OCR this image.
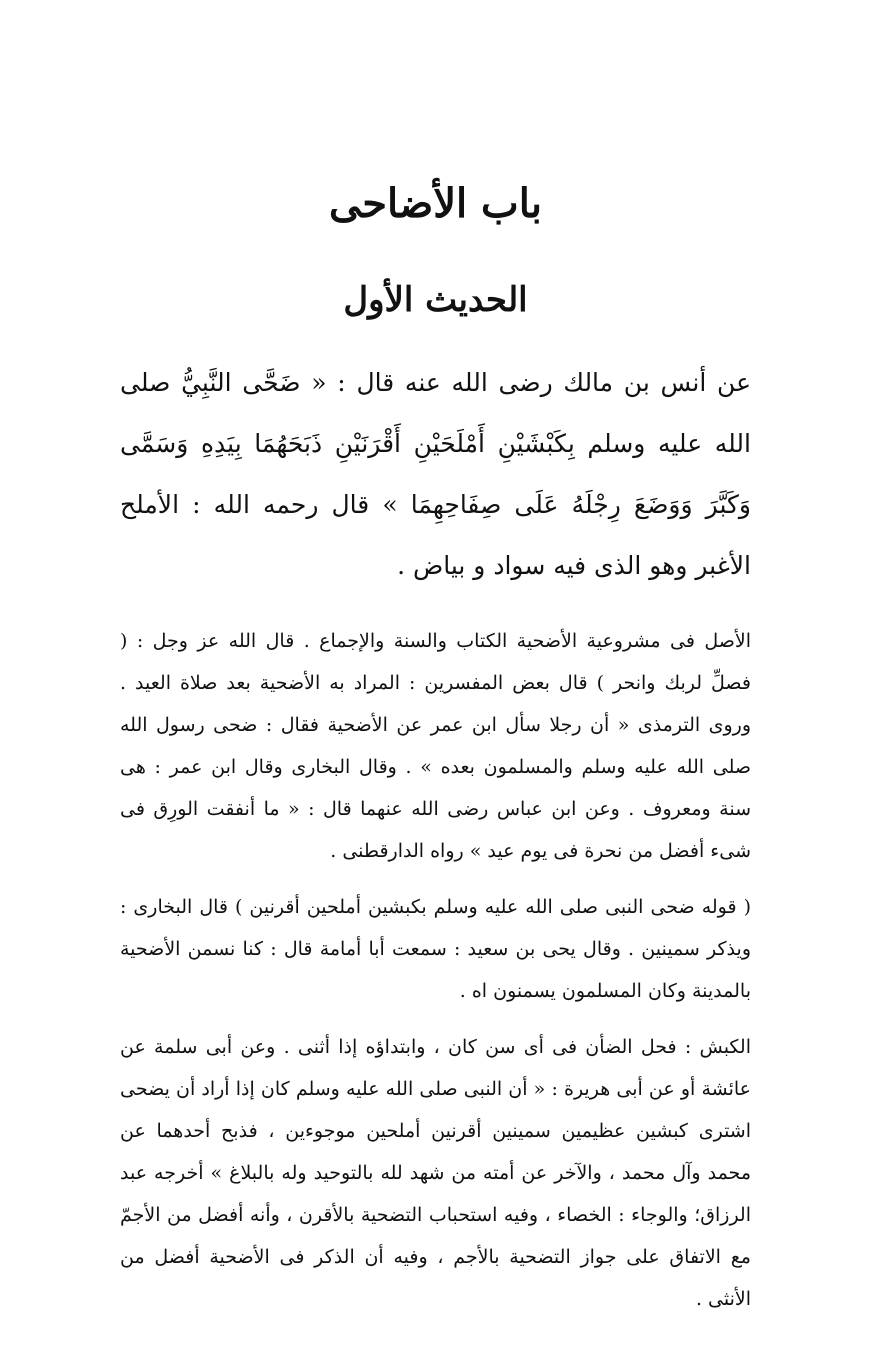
باب الأضاحى
الحديث الأول

عن أنس بن مالك رضى الله عنه قال : « ضَحَّى النَّبِيُّ صلى الله عليه وسلم بِكَبْشَيْنِ أَمْلَحَيْنِ أَقْرَنَيْنِ ذَبَحَهُمَا بِيَدِهِ وَسَمَّى وَكَبَّرَ وَوَضَعَ رِجْلَهُ عَلَى صِفَاحِهِمَا » قال رحمه الله : الأملح الأغبر وهو الذى فيه سواد و بياض .

الأصل فى مشروعية الأضحية الكتاب والسنة والإجماع . قال الله عز وجل : ( فصلِّ لربك وانحر ) قال بعض المفسرين : المراد به الأضحية بعد صلاة العيد . وروى الترمذى « أن رجلا سأل ابن عمر عن الأضحية فقال : ضحى رسول الله صلى الله عليه وسلم والمسلمون بعده » . وقال البخارى وقال ابن عمر : هى سنة ومعروف . وعن ابن عباس رضى الله عنهما قال : « ما أنفقت الورِق فى شىء أفضل من نحرة فى يوم عيد » رواه الدارقطنى .

( قوله ضحى النبى صلى الله عليه وسلم بكبشين أملحين أقرنين ) قال البخارى : ويذكر سمينين . وقال يحى بن سعيد : سمعت أبا أمامة قال : كنا نسمن الأضحية بالمدينة وكان المسلمون يسمنون اه .

الكبش : فحل الضأن فى أى سن كان ، وابتداؤه إذا أثنى . وعن أبى سلمة عن عائشة أو عن أبى هريرة : « أن النبى صلى الله عليه وسلم كان إذا أراد أن يضحى اشترى كبشين عظيمين سمينين أقرنين أملحين موجوءين ، فذبح أحدهما عن محمد وآل محمد ، والآخر عن أمته من شهد لله بالتوحيد وله بالبلاغ » أخرجه عبد الرزاق؛ والوجاء : الخصاء ، وفيه استحباب التضحية بالأقرن ، وأنه أفضل من الأجمّ مع الاتفاق على جواز التضحية بالأجم ، وفيه أن الذكر فى الأضحية أفضل من الأنثى .
